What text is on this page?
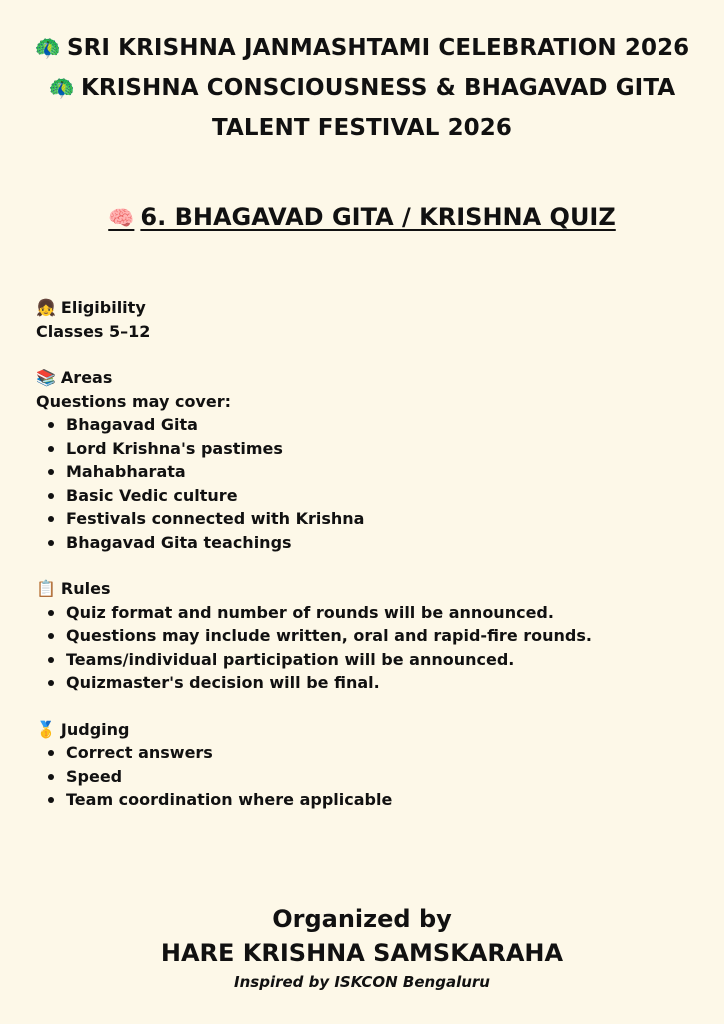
🦚 SRI KRISHNA JANMASHTAMI CELEBRATION 2026
🦚 KRISHNA CONSCIOUSNESS & BHAGAVAD GITA
TALENT FESTIVAL 2026
🧠 6. BHAGAVAD GITA / KRISHNA QUIZ
👧 Eligibility
Classes 5–12
📚 Areas
Questions may cover:
Bhagavad Gita
Lord Krishna's pastimes
Mahabharata
Basic Vedic culture
Festivals connected with Krishna
Bhagavad Gita teachings
📋 Rules
Quiz format and number of rounds will be announced.
Questions may include written, oral and rapid-fire rounds.
Teams/individual participation will be announced.
Quizmaster's decision will be final.
🥇 Judging
Correct answers
Speed
Team coordination where applicable
Organized by
HARE KRISHNA SAMSKARAHA
Inspired by ISKCON Bengaluru
